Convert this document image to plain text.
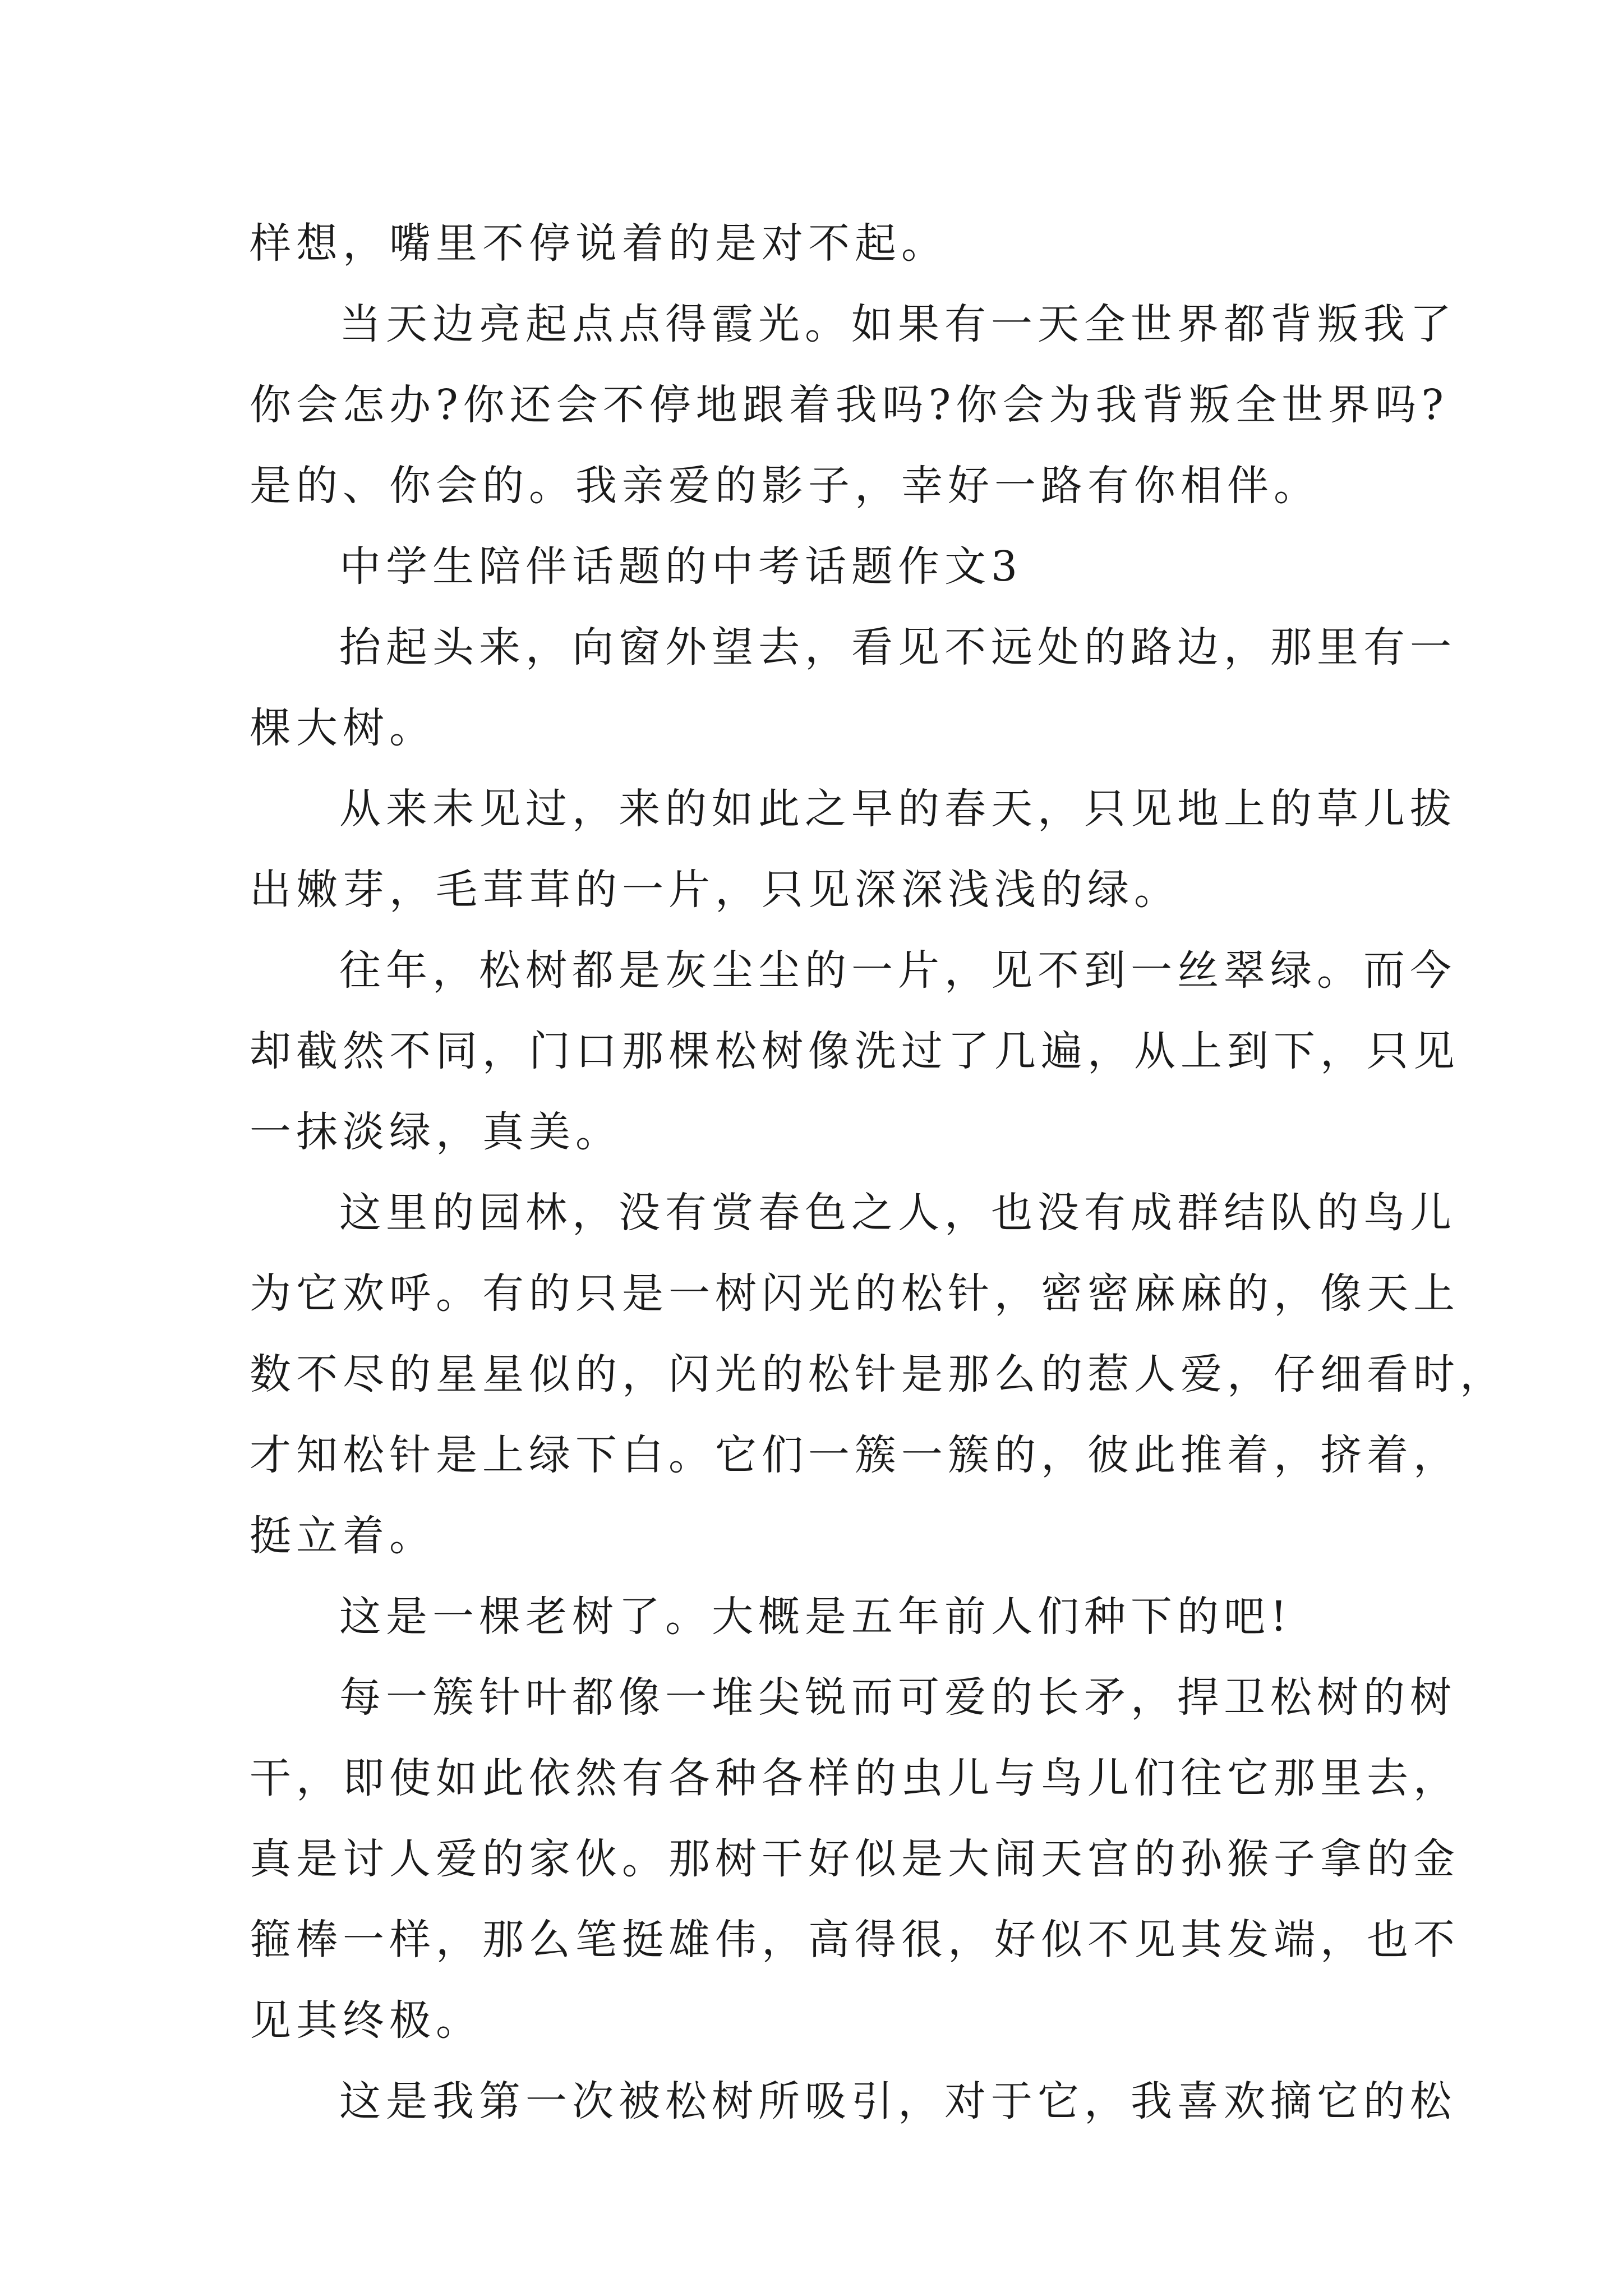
样想，嘴里不停说着的是对不起。

当天边亮起点点得霞光。如果有一天全世界都背叛我了

你会怎办?你还会不停地跟着我吗?你会为我背叛全世界吗?

是的、你会的。我亲爱的影子，幸好一路有你相伴。

中学生陪伴话题的中考话题作文3

抬起头来，向窗外望去，看见不远处的路边，那里有一

棵大树。

从来未见过，来的如此之早的春天，只见地上的草儿拔

出嫩芽，毛茸茸的一片，只见深深浅浅的绿。

往年，松树都是灰尘尘的一片，见不到一丝翠绿。而今

却截然不同，门口那棵松树像洗过了几遍，从上到下，只见

一抹淡绿，真美。

这里的园林，没有赏春色之人，也没有成群结队的鸟儿

为它欢呼。有的只是一树闪光的松针，密密麻麻的，像天上

数不尽的星星似的，闪光的松针是那么的惹人爱，仔细看时，

才知松针是上绿下白。它们一簇一簇的，彼此推着，挤着，

挺立着。

这是一棵老树了。大概是五年前人们种下的吧!

每一簇针叶都像一堆尖锐而可爱的长矛，捍卫松树的树

干，即使如此依然有各种各样的虫儿与鸟儿们往它那里去，

真是讨人爱的家伙。那树干好似是大闹天宫的孙猴子拿的金

箍棒一样，那么笔挺雄伟，高得很，好似不见其发端，也不

见其终极。

这是我第一次被松树所吸引，对于它，我喜欢摘它的松
